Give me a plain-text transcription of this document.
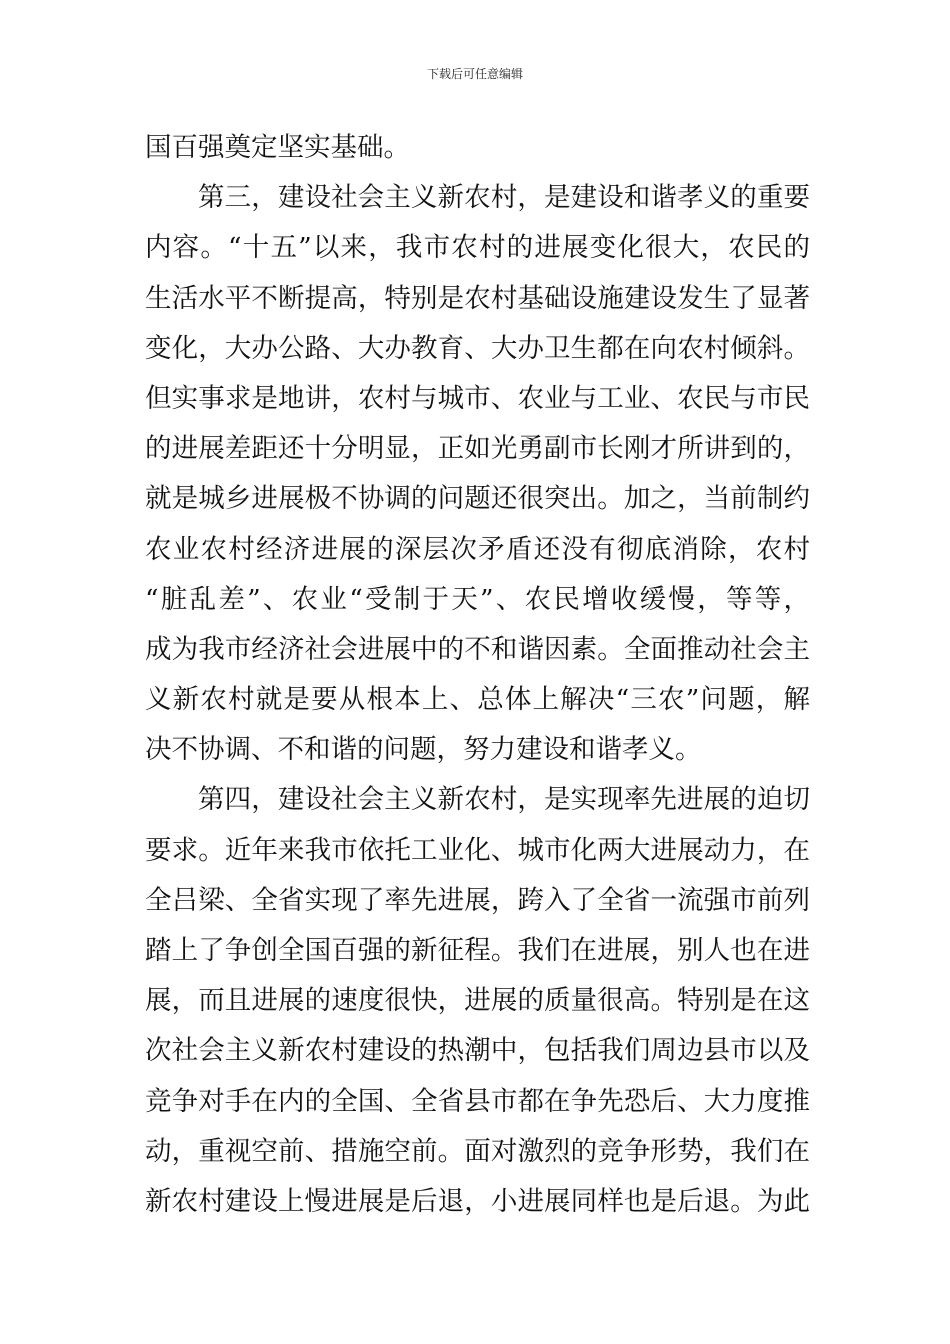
下载后可任意编辑
国百强奠定坚实基础。
第三，建设社会主义新农村，是建设和谐孝义的重要
内容。“十五”以来，我市农村的进展变化很大，农民的
生活水平不断提高，特别是农村基础设施建设发生了显著
变化，大办公路、大办教育、大办卫生都在向农村倾斜。
但实事求是地讲，农村与城市、农业与工业、农民与市民
的进展差距还十分明显，正如光勇副市长刚才所讲到的，
就是城乡进展极不协调的问题还很突出。加之，当前制约
农业农村经济进展的深层次矛盾还没有彻底消除，农村
“脏乱差”、农业“受制于天”、农民增收缓慢，等等，
成为我市经济社会进展中的不和谐因素。全面推动社会主
义新农村就是要从根本上、总体上解决“三农”问题，解
决不协调、不和谐的问题，努力建设和谐孝义。
第四，建设社会主义新农村，是实现率先进展的迫切
要求。近年来我市依托工业化、城市化两大进展动力，在
全吕梁、全省实现了率先进展，跨入了全省一流强市前列
踏上了争创全国百强的新征程。我们在进展，别人也在进
展，而且进展的速度很快，进展的质量很高。特别是在这
次社会主义新农村建设的热潮中，包括我们周边县市以及
竞争对手在内的全国、全省县市都在争先恐后、大力度推
动，重视空前、措施空前。面对激烈的竞争形势，我们在
新农村建设上慢进展是后退，小进展同样也是后退。为此
